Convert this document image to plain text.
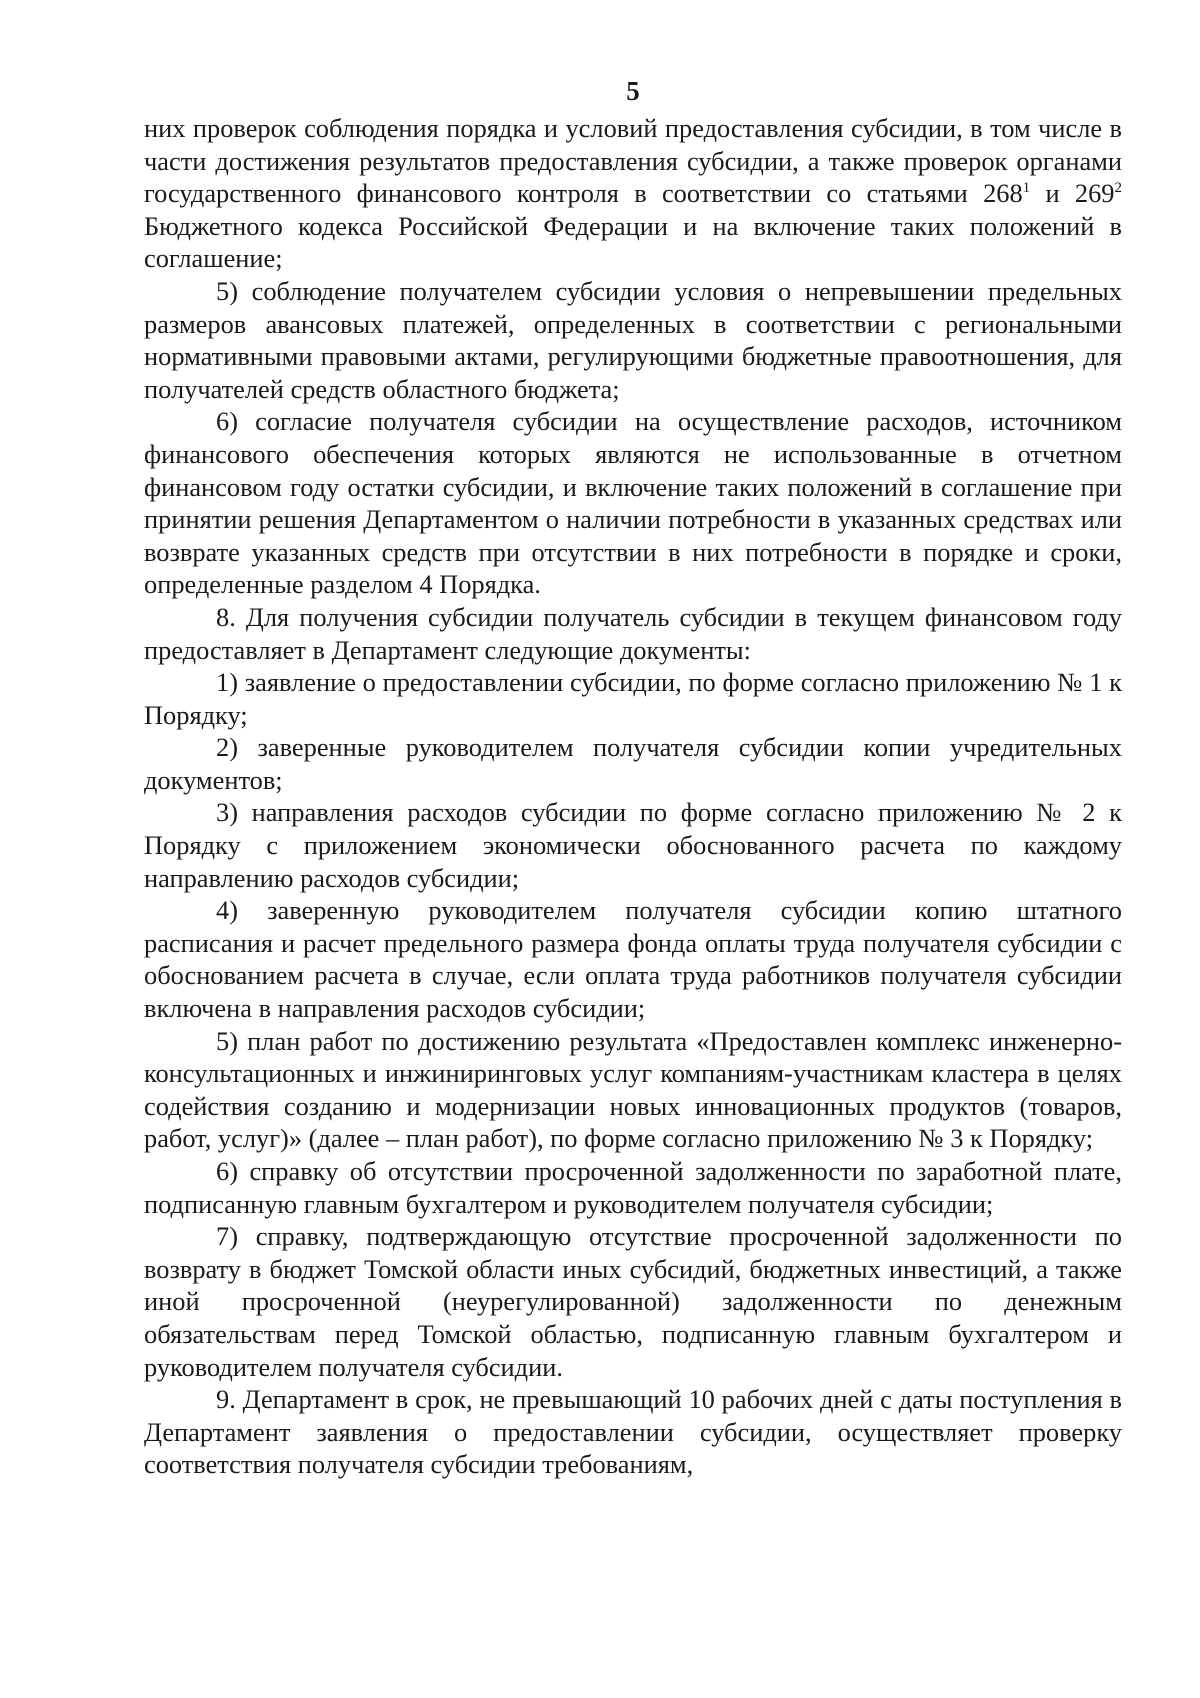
5

них проверок соблюдения порядка и условий предоставления субсидии, в том числе в части достижения результатов предоставления субсидии, а также проверок органами государственного финансового контроля в соответствии со статьями $268^1$ и $269^2$ Бюджетного кодекса Российской Федерации и на включение таких положений в соглашение;

5) соблюдение получателем субсидии условия о непревышении предельных размеров авансовых платежей, определенных в соответствии с региональными нормативными правовыми актами, регулирующими бюджетные правоотношения, для получателей средств областного бюджета;

6) согласие получателя субсидии на осуществление расходов, источником финансового обеспечения которых являются не использованные в отчетном финансовом году остатки субсидии, и включение таких положений в соглашение при принятии решения Департаментом о наличии потребности в указанных средствах или возврате указанных средств при отсутствии в них потребности в порядке и сроки, определенные разделом 4 Порядка.

8. Для получения субсидии получатель субсидии в текущем финансовом году предоставляет в Департамент следующие документы:

1) заявление о предоставлении субсидии, по форме согласно приложению № 1 к Порядку;

2) заверенные руководителем получателя субсидии копии учредительных документов;

3) направления расходов субсидии по форме согласно приложению № 2 к Порядку с приложением экономически обоснованного расчета по каждому направлению расходов субсидии;

4) заверенную руководителем получателя субсидии копию штатного расписания и расчет предельного размера фонда оплаты труда получателя субсидии с обоснованием расчета в случае, если оплата труда работников получателя субсидии включена в направления расходов субсидии;

5) план работ по достижению результата «Предоставлен комплекс инженерно-консультационных и инжиниринговых услуг компаниям-участникам кластера в целях содействия созданию и модернизации новых инновационных продуктов (товаров, работ, услуг)» (далее – план работ), по форме согласно приложению № 3 к Порядку;

6) справку об отсутствии просроченной задолженности по заработной плате, подписанную главным бухгалтером и руководителем получателя субсидии;

7) справку, подтверждающую отсутствие просроченной задолженности по возврату в бюджет Томской области иных субсидий, бюджетных инвестиций, а также иной просроченной (неурегулированной) задолженности по денежным обязательствам перед Томской областью, подписанную главным бухгалтером и руководителем получателя субсидии.

9. Департамент в срок, не превышающий 10 рабочих дней с даты поступления в Департамент заявления о предоставлении субсидии, осуществляет проверку соответствия получателя субсидии требованиям,
